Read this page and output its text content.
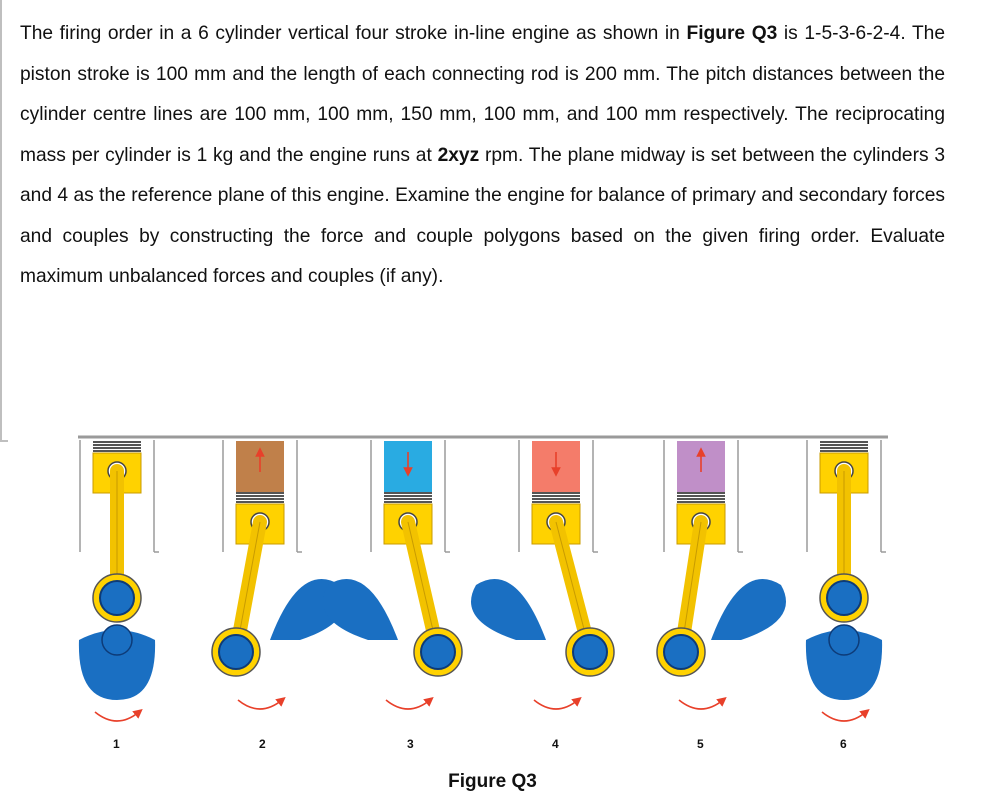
The firing order in a 6 cylinder vertical four stroke in-line engine as shown in Figure Q3 is 1-5-3-6-2-4. The piston stroke is 100 mm and the length of each connecting rod is 200 mm. The pitch distances between the cylinder centre lines are 100 mm, 100 mm, 150 mm, 100 mm, and 100 mm respectively. The reciprocating mass per cylinder is 1 kg and the engine runs at 2xyz rpm. The plane midway is set between the cylinders 3 and 4 as the reference plane of this engine. Examine the engine for balance of primary and secondary forces and couples by constructing the force and couple polygons based on the given firing order. Evaluate maximum unbalanced forces and couples (if any).
1	2	3	4	5	6
Figure Q3
